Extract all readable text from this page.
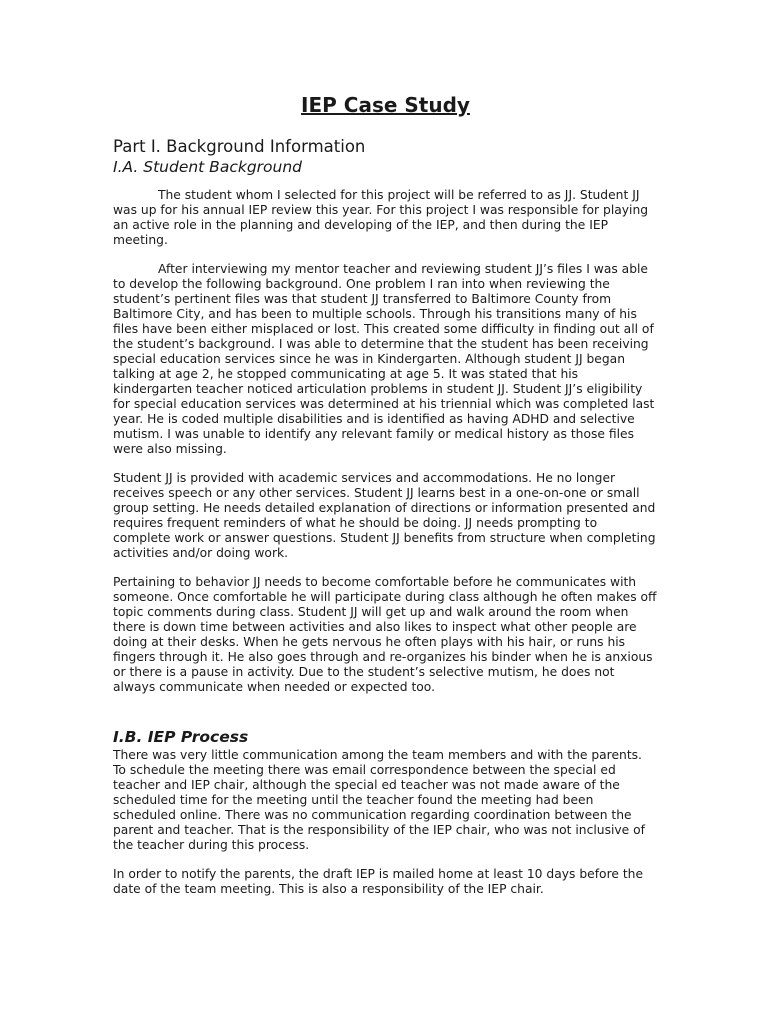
IEP Case Study
Part I. Background Information
I.A. Student Background

The student whom I selected for this project will be referred to as JJ. Student JJ was up for his annual IEP review this year. For this project I was responsible for playing an active role in the planning and developing of the IEP, and then during the IEP meeting.

After interviewing my mentor teacher and reviewing student JJ’s files I was able to develop the following background. One problem I ran into when reviewing the student’s pertinent files was that student JJ transferred to Baltimore County from Baltimore City, and has been to multiple schools. Through his transitions many of his files have been either misplaced or lost. This created some difficulty in finding out all of the student’s background. I was able to determine that the student has been receiving special education services since he was in Kindergarten. Although student JJ began talking at age 2, he stopped communicating at age 5. It was stated that his kindergarten teacher noticed articulation problems in student JJ. Student JJ’s eligibility for special education services was determined at his triennial which was completed last year. He is coded multiple disabilities and is identified as having ADHD and selective mutism. I was unable to identify any relevant family or medical history as those files were also missing.

Student JJ is provided with academic services and accommodations. He no longer receives speech or any other services. Student JJ learns best in a one-on-one or small group setting. He needs detailed explanation of directions or information presented and requires frequent reminders of what he should be doing. JJ needs prompting to complete work or answer questions. Student JJ benefits from structure when completing activities and/or doing work.

Pertaining to behavior JJ needs to become comfortable before he communicates with someone. Once comfortable he will participate during class although he often makes off topic comments during class. Student JJ will get up and walk around the room when there is down time between activities and also likes to inspect what other people are doing at their desks. When he gets nervous he often plays with his hair, or runs his fingers through it. He also goes through and re-organizes his binder when he is anxious or there is a pause in activity. Due to the student’s selective mutism, he does not always communicate when needed or expected too.

I.B. IEP Process

There was very little communication among the team members and with the parents. To schedule the meeting there was email correspondence between the special ed teacher and IEP chair, although the special ed teacher was not made aware of the scheduled time for the meeting until the teacher found the meeting had been scheduled online. There was no communication regarding coordination between the parent and teacher. That is the responsibility of the IEP chair, who was not inclusive of the teacher during this process.

In order to notify the parents, the draft IEP is mailed home at least 10 days before the date of the team meeting. This is also a responsibility of the IEP chair.
